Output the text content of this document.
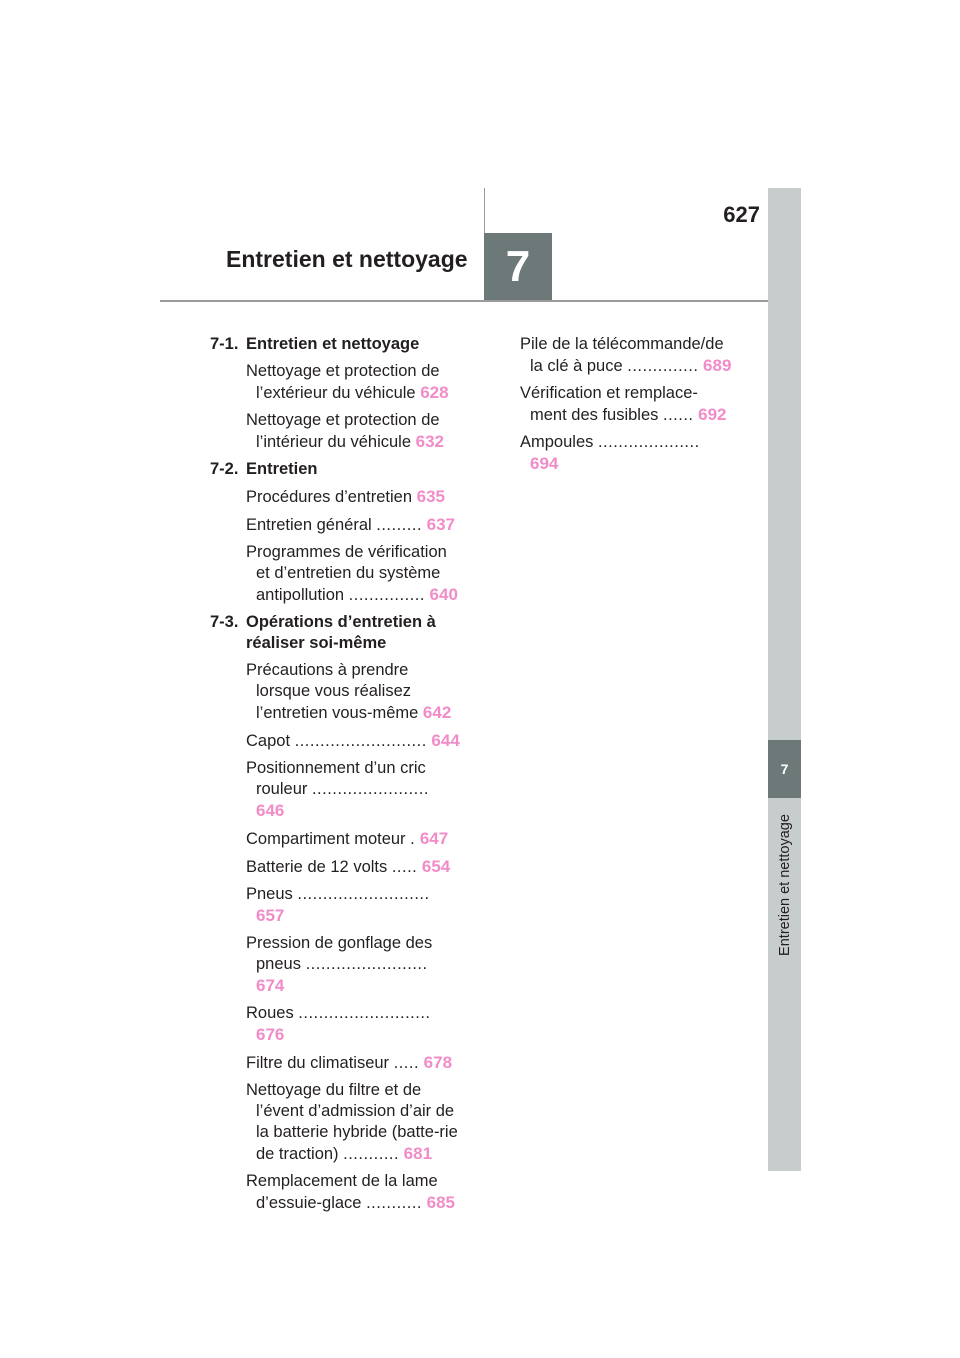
627
Entretien et nettoyage 7
7
Entretien et nettoyage
7-1. Entretien et nettoyage
Nettoyage et protection de l’extérieur du véhicule 628
Nettoyage et protection de l’intérieur du véhicule 632
7-2. Entretien
Procédures d’entretien 635
Entretien général ......... 637
Programmes de vérification et d’entretien du système antipollution ............... 640
7-3. Opérations d’entretien à réaliser soi-même
Précautions à prendre lorsque vous réalisez l’entretien vous-même 642
Capot .......................... 644
Positionnement d’un cric rouleur ....................... 646
Compartiment moteur . 647
Batterie de 12 volts ..... 654
Pneus .......................... 657
Pression de gonflage des pneus ........................ 674
Roues .......................... 676
Filtre du climatiseur ..... 678
Nettoyage du filtre et de l’évent d’admission d’air de la batterie hybride (batte-rie de traction) ........... 681
Remplacement de la lame d’essuie-glace ........... 685
Pile de la télécommande/de la clé à puce .............. 689
Vérification et remplace-ment des fusibles ...... 692
Ampoules .................... 694
